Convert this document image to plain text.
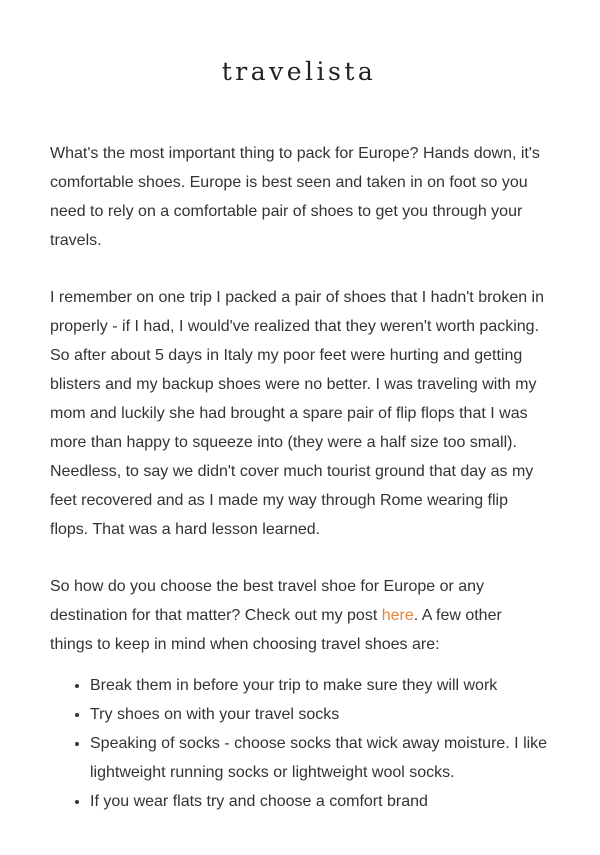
travelista

What's the most important thing to pack for Europe? Hands down, it's comfortable shoes. Europe is best seen and taken in on foot so you need to rely on a comfortable pair of shoes to get you through your travels.

I remember on one trip I packed a pair of shoes that I hadn't broken in properly - if I had, I would've realized that they weren't worth packing. So after about 5 days in Italy my poor feet were hurting and getting blisters and my backup shoes were no better. I was traveling with my mom and luckily she had brought a spare pair of flip flops that I was more than happy to squeeze into (they were a half size too small). Needless, to say we didn't cover much tourist ground that day as my feet recovered and as I made my way through Rome wearing flip flops. That was a hard lesson learned.

So how do you choose the best travel shoe for Europe or any destination for that matter? Check out my post here. A few other things to keep in mind when choosing travel shoes are:

• Break them in before your trip to make sure they will work
• Try shoes on with your travel socks
• Speaking of socks - choose socks that wick away moisture. I like lightweight running socks or lightweight wool socks.
• If you wear flats try and choose a comfort brand
